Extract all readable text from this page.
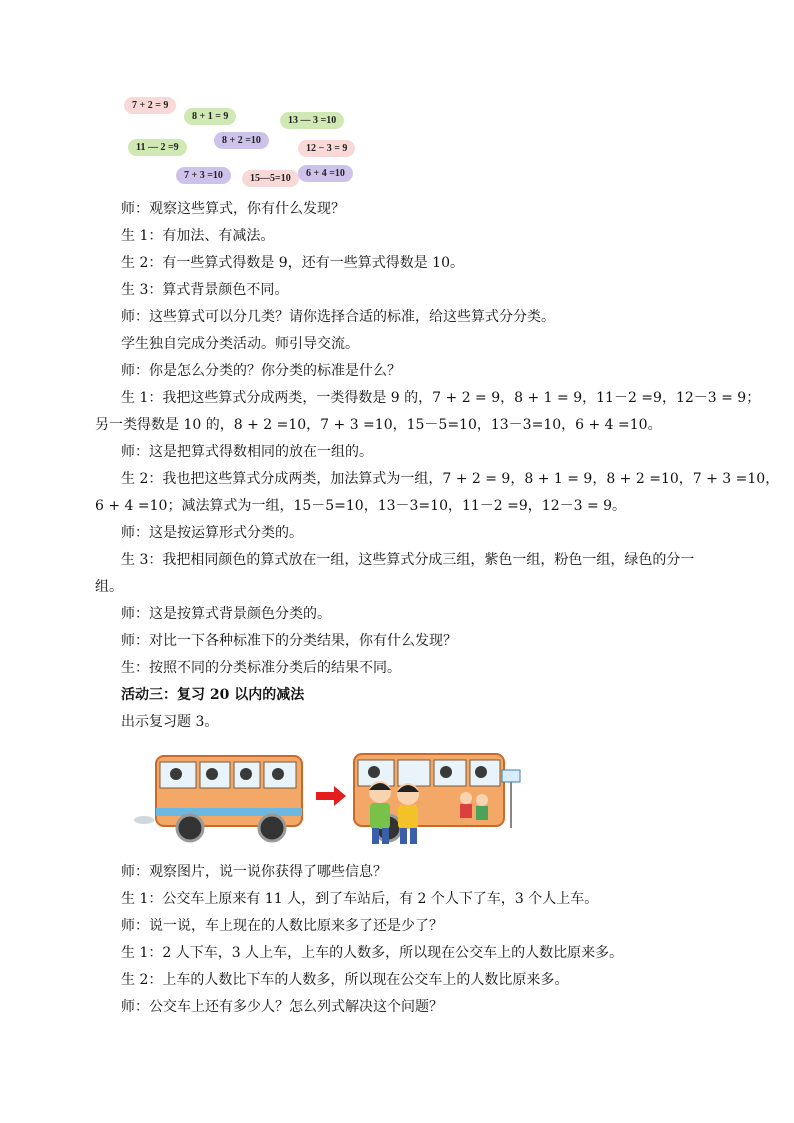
7 + 2 = 9
8 + 1 = 9	13 — 3 =10
11 — 2 =9
8 + 2 =10
12 − 3 = 9
7 + 3 =10	15—5=10	6 + 4 =10
师：观察这些算式，你有什么发现？
生 1：有加法、有减法。
生 2：有一些算式得数是 9，还有一些算式得数是 10。
生 3：算式背景颜色不同。
师：这些算式可以分几类？请你选择合适的标准，给这些算式分分类。
学生独自完成分类活动。师引导交流。
师：你是怎么分类的？你分类的标准是什么？
生 1：我把这些算式分成两类，一类得数是 9 的，7 + 2 = 9，8 + 1 = 9，11－2 =9，12－3 = 9；
另一类得数是 10 的，8 + 2 =10，7 + 3 =10，15－5=10，13－3=10，6 + 4 =10。
师：这是把算式得数相同的放在一组的。
生 2：我也把这些算式分成两类，加法算式为一组，7 + 2 = 9，8 + 1 = 9，8 + 2 =10，7 + 3 =10，
6 + 4 =10；减法算式为一组，15－5=10，13－3=10，11－2 =9，12－3 = 9。
师：这是按运算形式分类的。
生 3：我把相同颜色的算式放在一组，这些算式分成三组，紫色一组，粉色一组，绿色的分一
组。
师：这是按算式背景颜色分类的。
师：对比一下各种标准下的分类结果，你有什么发现？
生：按照不同的分类标准分类后的结果不同。
活动三：复习 20 以内的减法
出示复习题 3。
师：观察图片，说一说你获得了哪些信息？
生 1：公交车上原来有 11 人，到了车站后，有 2 个人下了车，3 个人上车。
师：说一说，车上现在的人数比原来多了还是少了？
生 1：2 人下车，3 人上车，上车的人数多，所以现在公交车上的人数比原来多。
生 2：上车的人数比下车的人数多，所以现在公交车上的人数比原来多。
师：公交车上还有多少人？怎么列式解决这个问题？
